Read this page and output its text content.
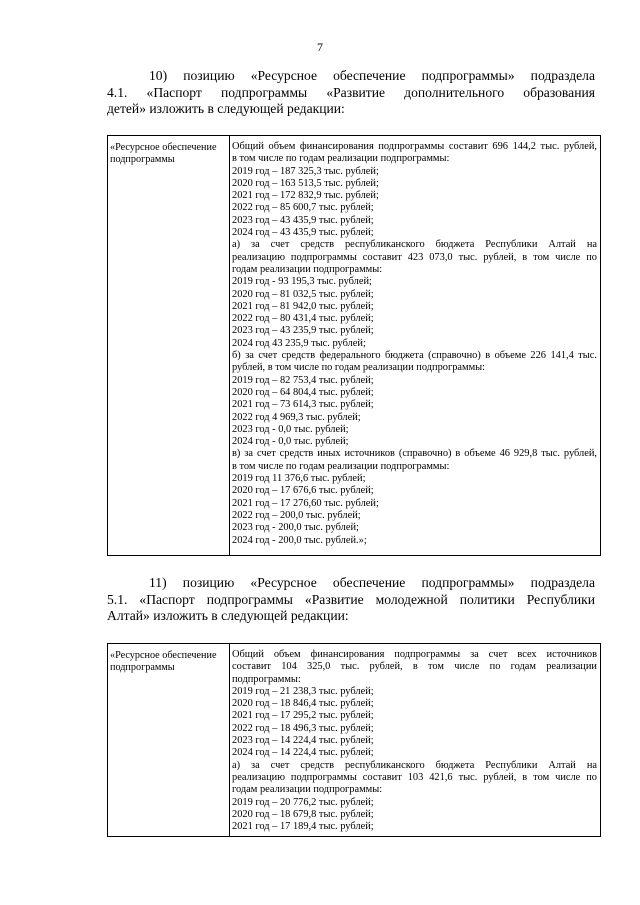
7
10) позицию «Ресурсное обеспечение подпрограммы» подраздела
4.1. «Паспорт подпрограммы «Развитие дополнительного образования
детей» изложить в следующей редакции:
«Ресурсное обеспечение
подпрограммы
Общий объем финансирования подпрограммы составит 696 144,2 тыс. рублей,
в том числе по годам реализации подпрограммы:
2019 год – 187 325,3 тыс. рублей;
2020 год – 163 513,5 тыс. рублей;
2021 год – 172 832,9 тыс. рублей;
2022 год – 85 600,7 тыс. рублей;
2023 год – 43 435,9 тыс. рублей;
2024 год – 43 435,9 тыс. рублей;
а) за счет средств республиканского бюджета Республики Алтай на
реализацию подпрограммы составит 423 073,0 тыс. рублей, в том числе по
годам реализации подпрограммы:
2019 год - 93 195,3 тыс. рублей;
2020 год – 81 032,5 тыс. рублей;
2021 год – 81 942,0 тыс. рублей;
2022 год – 80 431,4 тыс. рублей;
2023 год – 43 235,9 тыс. рублей;
2024 год 43 235,9 тыс. рублей;
б) за счет средств федерального бюджета (справочно) в объеме 226 141,4 тыс.
рублей, в том числе по годам реализации подпрограммы:
2019 год – 82 753,4 тыс. рублей;
2020 год – 64 804,4 тыс. рублей;
2021 год – 73 614,3 тыс. рублей;
2022 год 4 969,3 тыс. рублей;
2023 год - 0,0 тыс. рублей;
2024 год - 0,0 тыс. рублей;
в) за счет средств иных источников (справочно) в объеме 46 929,8 тыс. рублей,
в том числе по годам реализации подпрограммы:
2019 год 11 376,6 тыс. рублей;
2020 год – 17 676,6 тыс. рублей;
2021 год – 17 276,60 тыс. рублей;
2022 год – 200,0 тыс. рублей;
2023 год - 200,0 тыс. рублей;
2024 год - 200,0 тыс. рублей.»;
11) позицию «Ресурсное обеспечение подпрограммы» подраздела
5.1. «Паспорт подпрограммы «Развитие молодежной политики Республики
Алтай» изложить в следующей редакции:
«Ресурсное обеспечение
подпрограммы
Общий объем финансирования подпрограммы за счет всех источников
составит 104 325,0 тыс. рублей, в том числе по годам реализации
подпрограммы:
2019 год – 21 238,3 тыс. рублей;
2020 год – 18 846,4 тыс. рублей;
2021 год – 17 295,2 тыс. рублей;
2022 год – 18 496,3 тыс. рублей;
2023 год – 14 224,4 тыс. рублей;
2024 год – 14 224,4 тыс. рублей;
а) за счет средств республиканского бюджета Республики Алтай на
реализацию подпрограммы составит 103 421,6 тыс. рублей, в том числе по
годам реализации подпрограммы:
2019 год – 20 776,2 тыс. рублей;
2020 год – 18 679,8 тыс. рублей;
2021 год – 17 189,4 тыс. рублей;
